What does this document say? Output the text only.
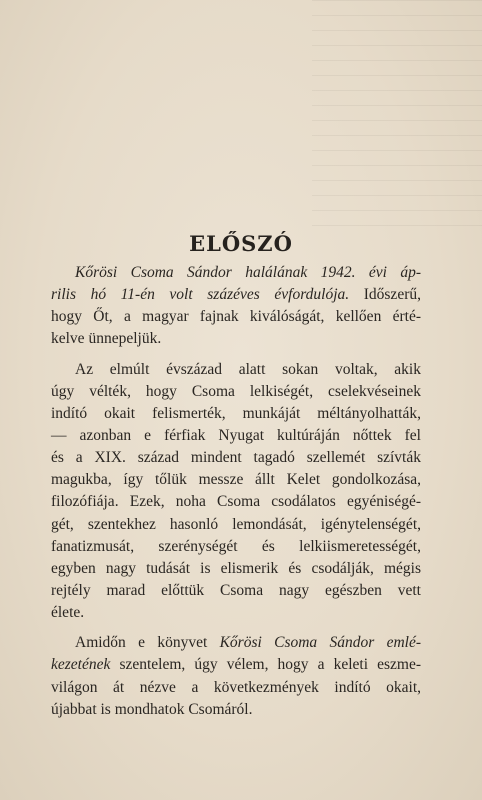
ELŐSZÓ
Kőrösi Csoma Sándor halálának 1942. évi áp-
rilis hó 11-én volt százéves évfordulója. Időszerű,
hogy Őt, a magyar fajnak kiválóságát, kellően érté-
kelve ünnepeljük.
Az elmúlt évszázad alatt sokan voltak, akik
úgy vélték, hogy Csoma lelkiségét, cselekvéseinek
indító okait felismerték, munkáját méltányolhatták,
— azonban e férfiak Nyugat kultúráján nőttek fel
és a XIX. század mindent tagadó szellemét szívták
magukba, így tőlük messze állt Kelet gondolkozása,
filozófiája. Ezek, noha Csoma csodálatos egyéniségé-
gét, szentekhez hasonló lemondását, igénytelenségét,
fanatizmusát, szerénységét és lelkiismeretességét,
egyben nagy tudását is elismerik és csodálják, mégis
rejtély marad előttük Csoma nagy egészben vett
élete.
Amidőn e könyvet Kőrösi Csoma Sándor emlé-
kezetének szentelem, úgy vélem, hogy a keleti eszme-
világon át nézve a következmények indító okait,
újabbat is mondhatok Csomáról.
